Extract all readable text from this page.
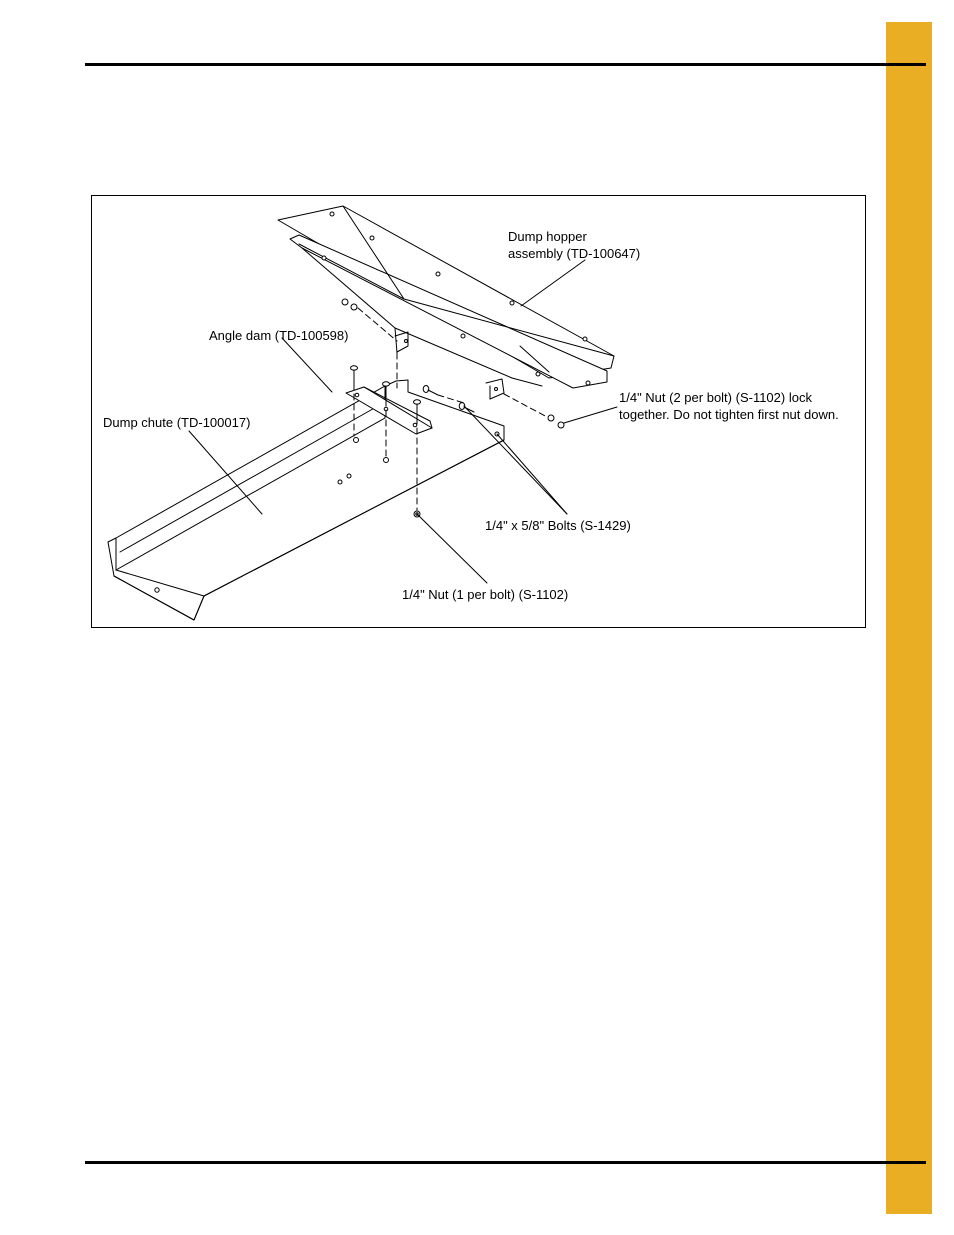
Dump hopper
assembly (TD-100647)
Angle dam (TD-100598)
Dump chute (TD-100017)
1/4" Nut (2 per bolt) (S-1102) lock
together. Do not tighten first nut down.
1/4" x 5/8" Bolts (S-1429)
1/4" Nut (1 per bolt) (S-1102)
